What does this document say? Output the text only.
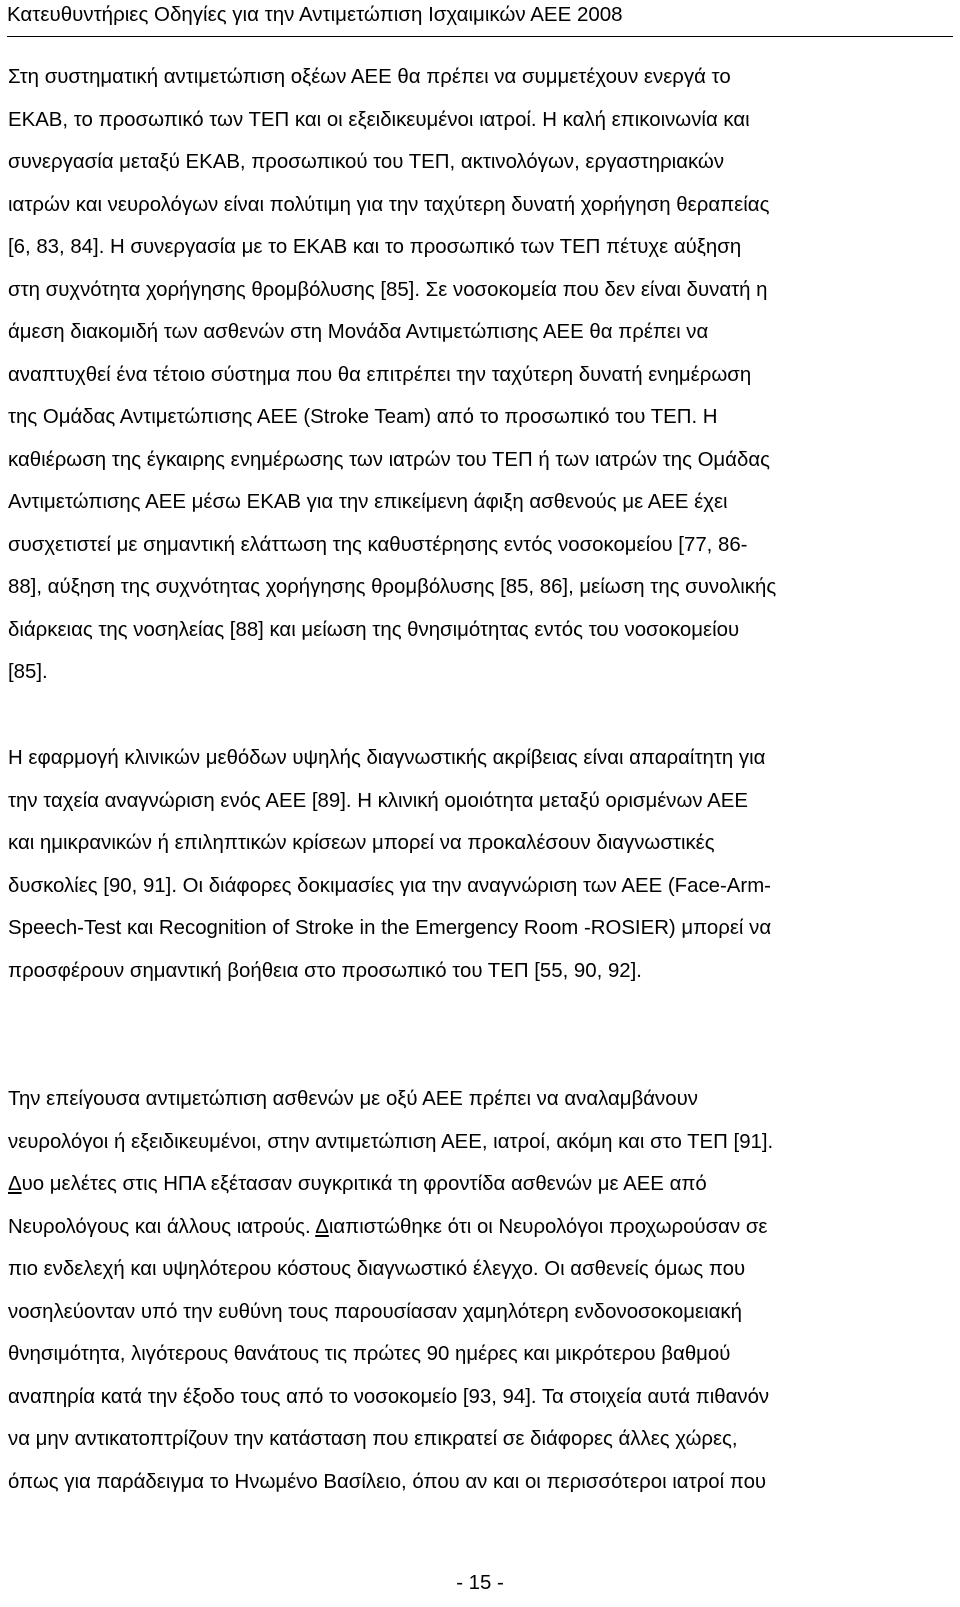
Κατευθυντήριες Οδηγίες για την Αντιμετώπιση Ισχαιμικών ΑΕΕ 2008
Στη συστηματική αντιμετώπιση οξέων ΑΕΕ θα πρέπει να συμμετέχουν ενεργά το
ΕΚΑΒ, το προσωπικό των ΤΕΠ και οι εξειδικευμένοι ιατροί. Η καλή επικοινωνία και
συνεργασία μεταξύ ΕΚΑΒ, προσωπικού του ΤΕΠ, ακτινολόγων, εργαστηριακών
ιατρών και νευρολόγων είναι πολύτιμη για την ταχύτερη δυνατή χορήγηση θεραπείας
[6, 83, 84]. Η συνεργασία με το ΕΚΑΒ και το προσωπικό των ΤΕΠ πέτυχε αύξηση
στη συχνότητα χορήγησης θρομβόλυσης [85]. Σε νοσοκομεία που δεν είναι δυνατή η
άμεση διακομιδή των ασθενών στη Μονάδα Αντιμετώπισης ΑΕΕ θα πρέπει να
αναπτυχθεί ένα τέτοιο σύστημα που θα επιτρέπει την ταχύτερη δυνατή ενημέρωση
της Ομάδας Αντιμετώπισης ΑΕΕ (Stroke Team) από το προσωπικό του ΤΕΠ. Η
καθιέρωση της έγκαιρης ενημέρωσης των ιατρών του ΤΕΠ ή των ιατρών της Ομάδας
Αντιμετώπισης ΑΕΕ μέσω ΕΚΑΒ για την επικείμενη άφιξη ασθενούς με ΑΕΕ έχει
συσχετιστεί με σημαντική ελάττωση της καθυστέρησης εντός νοσοκομείου [77, 86-
88], αύξηση της συχνότητας χορήγησης θρομβόλυσης [85, 86], μείωση της συνολικής
διάρκειας της νοσηλείας [88] και μείωση της θνησιμότητας εντός του νοσοκομείου
[85].
Η εφαρμογή κλινικών μεθόδων υψηλής διαγνωστικής ακρίβειας είναι απαραίτητη για
την ταχεία αναγνώριση ενός ΑΕΕ [89]. Η κλινική ομοιότητα μεταξύ ορισμένων ΑΕΕ
και ημικρανικών ή επιληπτικών κρίσεων μπορεί να προκαλέσουν διαγνωστικές
δυσκολίες [90, 91]. Οι διάφορες δοκιμασίες για την αναγνώριση των ΑΕΕ (Face-Arm-
Speech-Test και Recognition of Stroke in the Emergency Room -ROSIER) μπορεί να
προσφέρουν σημαντική βοήθεια στο προσωπικό του ΤΕΠ [55, 90, 92].
Την επείγουσα αντιμετώπιση ασθενών με οξύ ΑΕΕ πρέπει να αναλαμβάνουν
νευρολόγοι ή εξειδικευμένοι, στην αντιμετώπιση ΑΕΕ, ιατροί, ακόμη και στο ΤΕΠ [91].
Δυο μελέτες στις ΗΠΑ εξέτασαν συγκριτικά τη φροντίδα ασθενών με ΑΕΕ από
Νευρολόγους και άλλους ιατρούς. Διαπιστώθηκε ότι οι Νευρολόγοι προχωρούσαν σε
πιο ενδελεχή και υψηλότερου κόστους διαγνωστικό έλεγχο. Οι ασθενείς όμως που
νοσηλεύονταν υπό την ευθύνη τους παρουσίασαν χαμηλότερη ενδονοσοκομειακή
θνησιμότητα, λιγότερους θανάτους τις πρώτες 90 ημέρες και μικρότερου βαθμού
αναπηρία κατά την έξοδο τους από το νοσοκομείο [93, 94]. Τα στοιχεία αυτά πιθανόν
να μην αντικατοπτρίζουν την κατάσταση που επικρατεί σε διάφορες άλλες χώρες,
όπως για παράδειγμα το Ηνωμένο Βασίλειο, όπου αν και οι περισσότεροι ιατροί που
- 15 -
